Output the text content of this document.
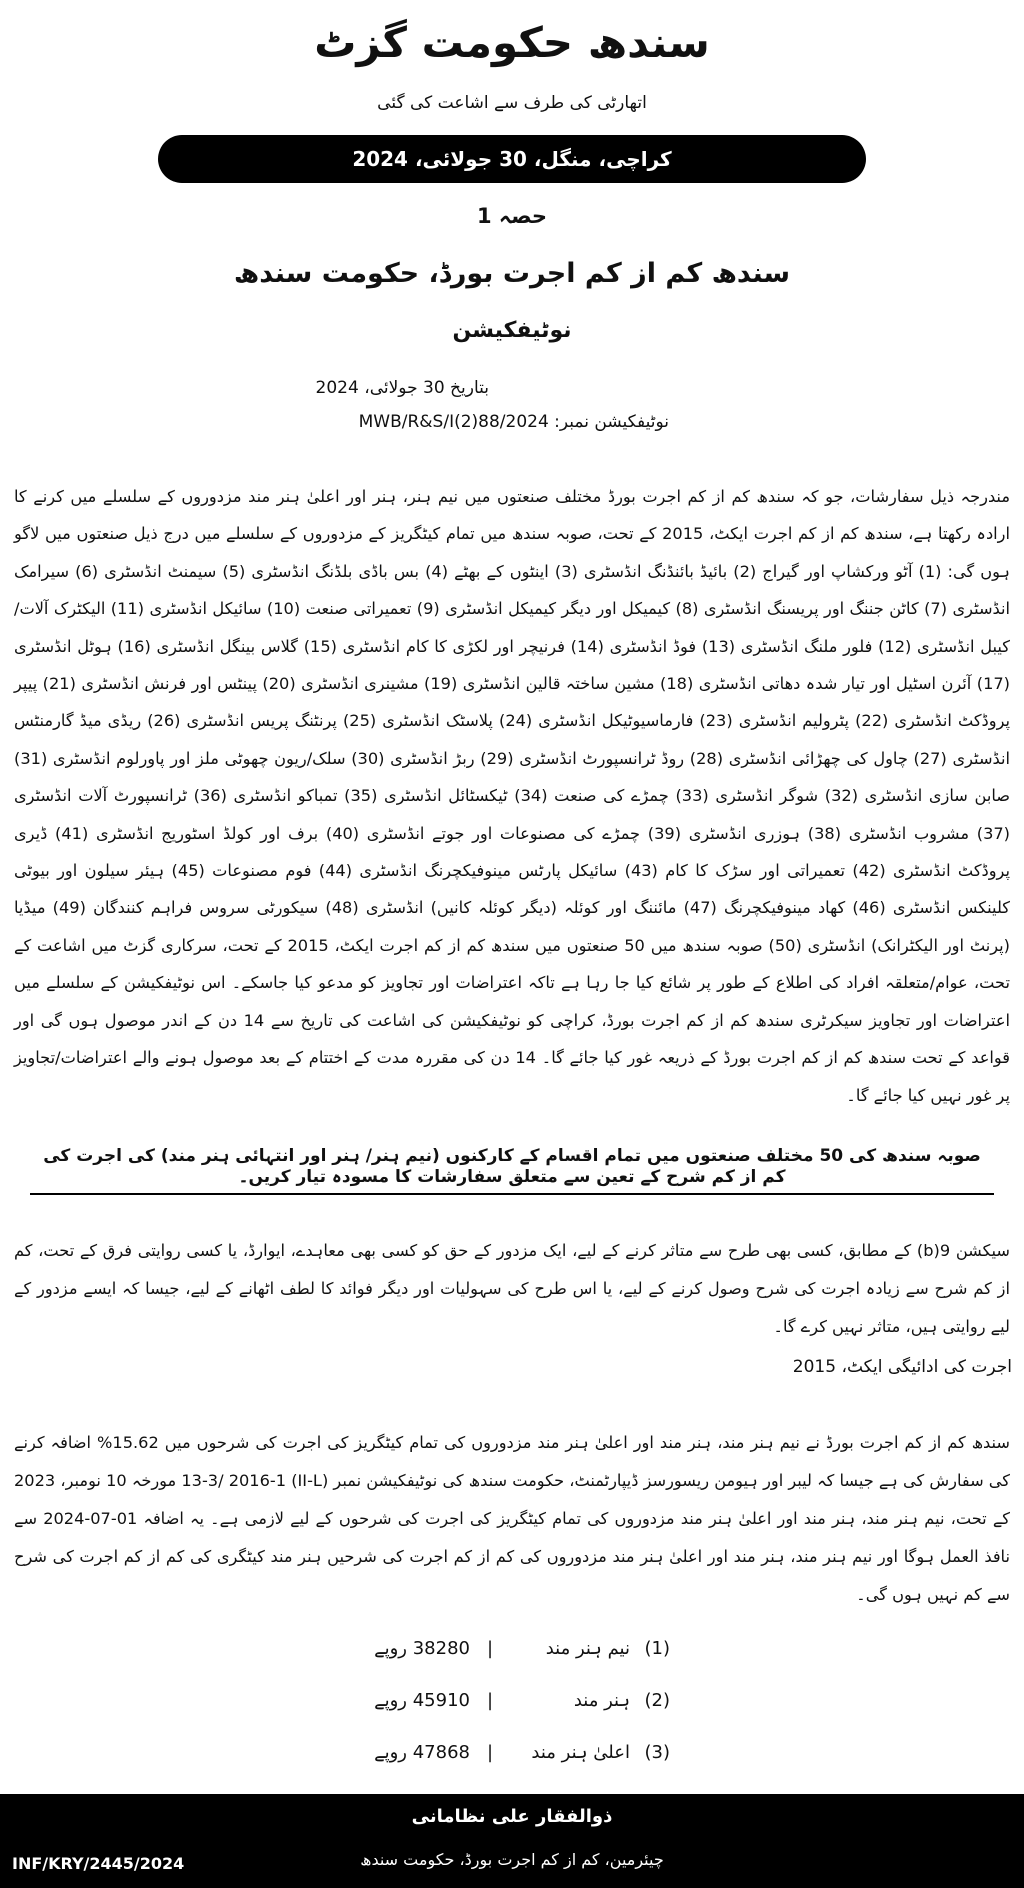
سندھ حکومت گزٹ
اتھارٹی کی طرف سے اشاعت کی گئی
کراچی، منگل، 30 جولائی، 2024
حصہ 1
سندھ کم از کم اجرت بورڈ، حکومت سندھ
نوٹیفکیشن
بتاریخ 30 جولائی، 2024
نوٹیفکیشن نمبر: MWB/R&S/I(2)88/2024
مندرجہ ذیل سفارشات، جو کہ سندھ کم از کم اجرت بورڈ مختلف صنعتوں میں نیم ہنر، ہنر اور اعلیٰ ہنر مند مزدوروں کے سلسلے میں کرنے کا ارادہ رکھتا ہے، سندھ کم از کم اجرت ایکٹ، 2015 کے تحت، صوبہ سندھ میں تمام کیٹگریز کے مزدوروں کے سلسلے میں درج ذیل صنعتوں میں لاگو ہوں گی: (1) آٹو ورکشاپ اور گیراج (2) بائیڈ بائنڈنگ انڈسٹری (3) اینٹوں کے بھٹے (4) بس باڈی بلڈنگ انڈسٹری (5) سیمنٹ انڈسٹری (6) سیرامک انڈسٹری (7) کاٹن جننگ اور پریسنگ انڈسٹری (8) کیمیکل اور دیگر کیمیکل انڈسٹری (9) تعمیراتی صنعت (10) سائیکل انڈسٹری (11) الیکٹرک آلات/کیبل انڈسٹری (12) فلور ملنگ انڈسٹری (13) فوڈ انڈسٹری (14) فرنیچر اور لکڑی کا کام انڈسٹری (15) گلاس بینگل انڈسٹری (16) ہوٹل انڈسٹری (17) آئرن اسٹیل اور تیار شدہ دھاتی انڈسٹری (18) مشین ساختہ قالین انڈسٹری (19) مشینری انڈسٹری (20) پینٹس اور فرنش انڈسٹری (21) پیپر پروڈکٹ انڈسٹری (22) پٹرولیم انڈسٹری (23) فارماسیوٹیکل انڈسٹری (24) پلاسٹک انڈسٹری (25) پرنٹنگ پریس انڈسٹری (26) ریڈی میڈ گارمنٹس انڈسٹری (27) چاول کی چھڑائی انڈسٹری (28) روڈ ٹرانسپورٹ انڈسٹری (29) ربڑ انڈسٹری (30) سلک/ریون چھوٹی ملز اور پاورلوم انڈسٹری (31) صابن سازی انڈسٹری (32) شوگر انڈسٹری (33) چمڑے کی صنعت (34) ٹیکسٹائل انڈسٹری (35) تمباکو انڈسٹری (36) ٹرانسپورٹ آلات انڈسٹری (37) مشروب انڈسٹری (38) ہوزری انڈسٹری (39) چمڑے کی مصنوعات اور جوتے انڈسٹری (40) برف اور کولڈ اسٹوریج انڈسٹری (41) ڈیری پروڈکٹ انڈسٹری (42) تعمیراتی اور سڑک کا کام (43) سائیکل پارٹس مینوفیکچرنگ انڈسٹری (44) فوم مصنوعات (45) ہیئر سیلون اور بیوٹی کلینکس انڈسٹری (46) کھاد مینوفیکچرنگ (47) مائننگ اور کوئلہ (دیگر کوئلہ کانیں) انڈسٹری (48) سیکورٹی سروس فراہم کنندگان (49) میڈیا (پرنٹ اور الیکٹرانک) انڈسٹری (50) صوبہ سندھ میں 50 صنعتوں میں سندھ کم از کم اجرت ایکٹ، 2015 کے تحت، سرکاری گزٹ میں اشاعت کے تحت، عوام/متعلقہ افراد کی اطلاع کے طور پر شائع کیا جا رہا ہے تاکہ اعتراضات اور تجاویز کو مدعو کیا جاسکے۔ اس نوٹیفکیشن کے سلسلے میں اعتراضات اور تجاویز سیکرٹری سندھ کم از کم اجرت بورڈ، کراچی کو نوٹیفکیشن کی اشاعت کی تاریخ سے 14 دن کے اندر موصول ہوں گی اور قواعد کے تحت سندھ کم از کم اجرت بورڈ کے ذریعہ غور کیا جائے گا۔ 14 دن کی مقررہ مدت کے اختتام کے بعد موصول ہونے والے اعتراضات/تجاویز پر غور نہیں کیا جائے گا۔
صوبہ سندھ کی 50 مختلف صنعتوں میں تمام اقسام کے کارکنوں (نیم ہنر/ ہنر اور انتہائی ہنر مند) کی اجرت کی کم از کم شرح کے تعین سے متعلق سفارشات کا مسودہ تیار کریں۔
سیکشن 9(b) کے مطابق، کسی بھی طرح سے متاثر کرنے کے لیے، ایک مزدور کے حق کو کسی بھی معاہدے، ایوارڈ، یا کسی روایتی فرق کے تحت، کم از کم شرح سے زیادہ اجرت کی شرح وصول کرنے کے لیے، یا اس طرح کی سہولیات اور دیگر فوائد کا لطف اٹھانے کے لیے، جیسا کہ ایسے مزدور کے لیے روایتی ہیں، متاثر نہیں کرے گا۔
اجرت کی ادائیگی ایکٹ، 2015
سندھ کم از کم اجرت بورڈ نے نیم ہنر مند، ہنر مند اور اعلیٰ ہنر مند مزدوروں کی تمام کیٹگریز کی اجرت کی شرحوں میں 15.62% اضافہ کرنے کی سفارش کی ہے جیسا کہ لیبر اور ہیومن ریسورسز ڈیپارٹمنٹ، حکومت سندھ کی نوٹیفکیشن نمبر (II-L) 13-3/ 2016-1 مورخہ 10 نومبر، 2023 کے تحت، نیم ہنر مند، ہنر مند اور اعلیٰ ہنر مند مزدوروں کی تمام کیٹگریز کی اجرت کی شرحوں کے لیے لازمی ہے۔ یہ اضافہ 01-07-2024 سے نافذ العمل ہوگا اور نیم ہنر مند، ہنر مند اور اعلیٰ ہنر مند مزدوروں کی کم از کم اجرت کی شرحیں ہنر مند کیٹگری کی کم از کم اجرت کی شرح سے کم نہیں ہوں گی۔
(1)
نیم ہنر مند
|
38280 روپے
(2)
ہنر مند
|
45910 روپے
(3)
اعلیٰ ہنر مند
|
47868 روپے
ذوالفقار علی نظامانی
چیئرمین، کم از کم اجرت بورڈ، حکومت سندھ
INF/KRY/2445/2024
